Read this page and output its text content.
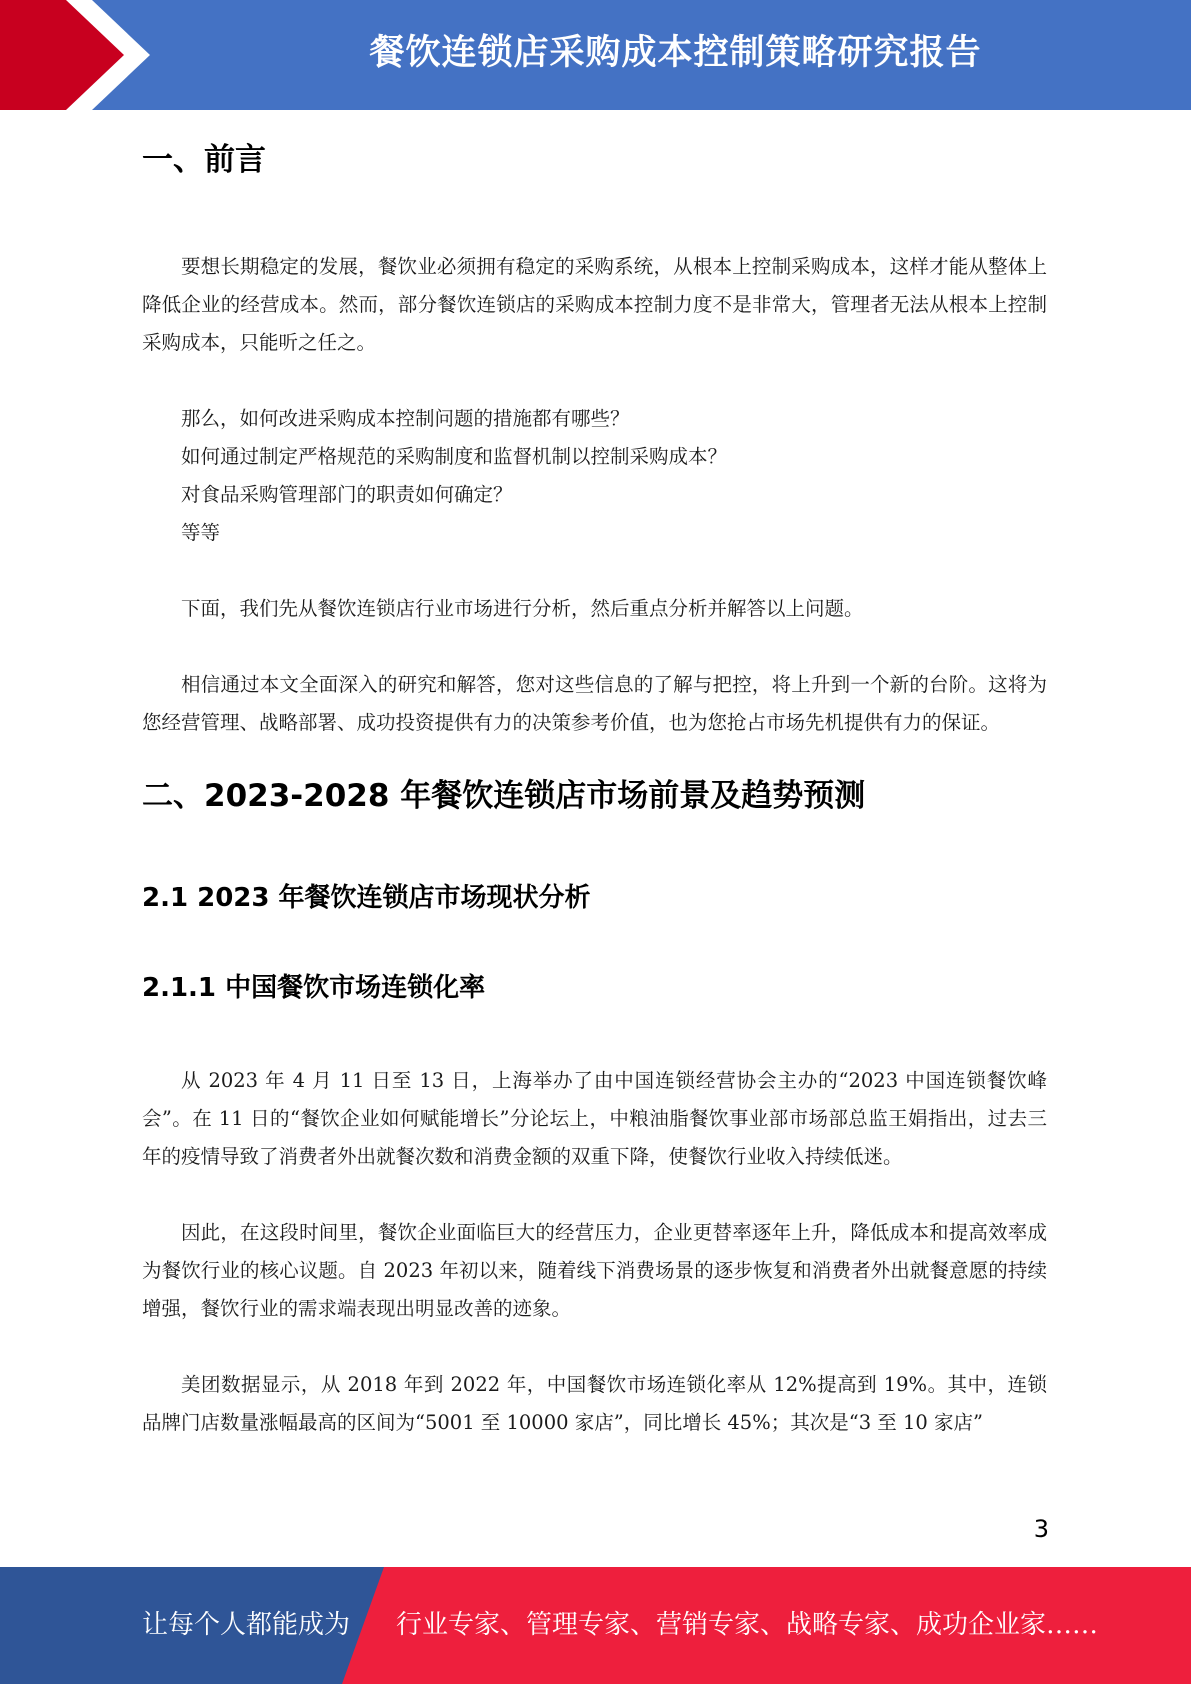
餐饮连锁店采购成本控制策略研究报告
一、前言

要想长期稳定的发展，餐饮业必须拥有稳定的采购系统，从根本上控制采购成本，这样才能从整体上降低企业的经营成本。然而，部分餐饮连锁店的采购成本控制力度不是非常大，管理者无法从根本上控制采购成本，只能听之任之。

那么，如何改进采购成本控制问题的措施都有哪些？

如何通过制定严格规范的采购制度和监督机制以控制采购成本？

对食品采购管理部门的职责如何确定？

等等

下面，我们先从餐饮连锁店行业市场进行分析，然后重点分析并解答以上问题。

相信通过本文全面深入的研究和解答，您对这些信息的了解与把控，将上升到一个新的台阶。这将为您经营管理、战略部署、成功投资提供有力的决策参考价值，也为您抢占市场先机提供有力的保证。

二、2023-2028 年餐饮连锁店市场前景及趋势预测
2.1 2023 年餐饮连锁店市场现状分析
2.1.1 中国餐饮市场连锁化率

从 2023 年 4 月 11 日至 13 日，上海举办了由中国连锁经营协会主办的“2023 中国连锁餐饮峰会”。在 11 日的“餐饮企业如何赋能增长”分论坛上，中粮油脂餐饮事业部市场部总监王娟指出，过去三年的疫情导致了消费者外出就餐次数和消费金额的双重下降，使餐饮行业收入持续低迷。

因此，在这段时间里，餐饮企业面临巨大的经营压力，企业更替率逐年上升，降低成本和提高效率成为餐饮行业的核心议题。自 2023 年初以来，随着线下消费场景的逐步恢复和消费者外出就餐意愿的持续增强，餐饮行业的需求端表现出明显改善的迹象。

美团数据显示，从 2018 年到 2022 年，中国餐饮市场连锁化率从 12%提高到 19%。其中，连锁品牌门店数量涨幅最高的区间为“5001 至 10000 家店”，同比增长 45%；其次是“3 至 10 家店”

3
让每个人都能成为 行业专家、管理专家、营销专家、战略专家、成功企业家……
